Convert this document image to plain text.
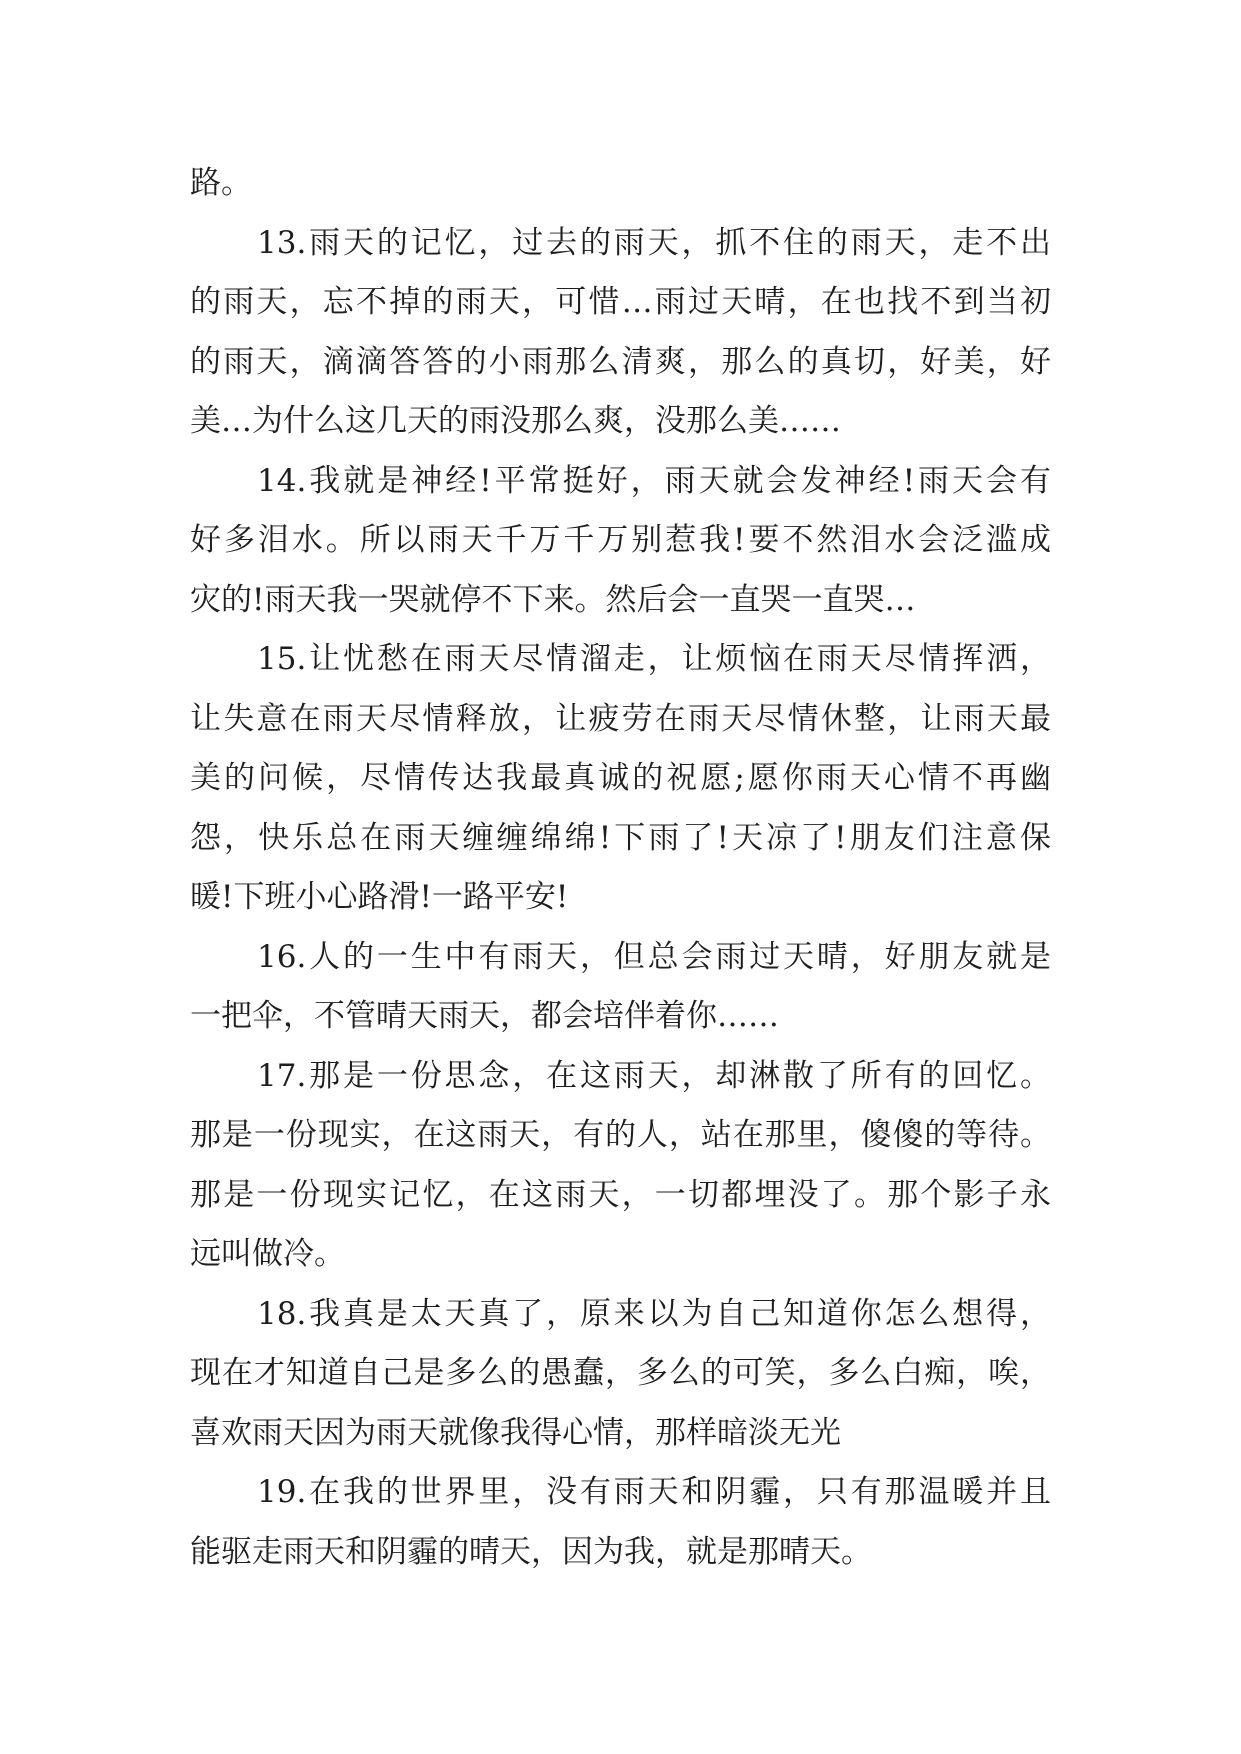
路。
13.雨天的记忆，过去的雨天，抓不住的雨天，走不出
的雨天，忘不掉的雨天，可惜…雨过天晴，在也找不到当初
的雨天，滴滴答答的小雨那么清爽，那么的真切，好美，好
美…为什么这几天的雨没那么爽，没那么美……
14.我就是神经!平常挺好，雨天就会发神经!雨天会有
好多泪水。所以雨天千万千万别惹我!要不然泪水会泛滥成
灾的!雨天我一哭就停不下来。然后会一直哭一直哭…
15.让忧愁在雨天尽情溜走，让烦恼在雨天尽情挥洒，
让失意在雨天尽情释放，让疲劳在雨天尽情休整，让雨天最
美的问候，尽情传达我最真诚的祝愿;愿你雨天心情不再幽
怨，快乐总在雨天缠缠绵绵!下雨了!天凉了!朋友们注意保
暖!下班小心路滑!一路平安!
16.人的一生中有雨天，但总会雨过天晴，好朋友就是
一把伞，不管晴天雨天，都会培伴着你……
17.那是一份思念，在这雨天，却淋散了所有的回忆。
那是一份现实，在这雨天，有的人，站在那里，傻傻的等待。
那是一份现实记忆，在这雨天，一切都埋没了。那个影子永
远叫做冷。
18.我真是太天真了，原来以为自己知道你怎么想得，
现在才知道自己是多么的愚蠢，多么的可笑，多么白痴，唉，
喜欢雨天因为雨天就像我得心情，那样暗淡无光
19.在我的世界里，没有雨天和阴霾，只有那温暖并且
能驱走雨天和阴霾的晴天，因为我，就是那晴天。
